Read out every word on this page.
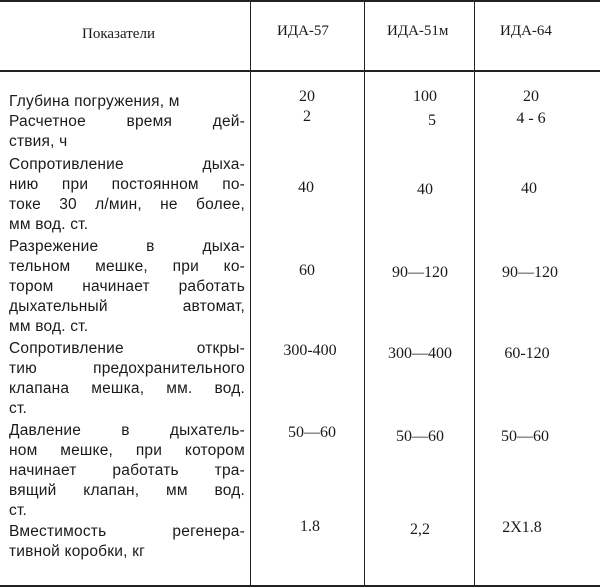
Показатели	ИДА-57	ИДА-51м	ИДА-64
Глубина погружения, м	20	100	20
Расчетное время дей-
ствия, ч
2	5	4 - 6
Сопротивление дыха-
нию при постоянном по-
токе 30 л/мин, не более,
мм вод. ст.
40	40	40
Разрежение в дыха-
тельном мешке, при ко-
тором начинает работать
дыхательный автомат,
мм вод. ст.
60	90—120	90—120
Сопротивление откры-
тию предохранительного
клапана мешка, мм. вод.
ст.
300-400	300—400	60-120
Давление в дыхатель-
ном мешке, при котором
начинает работать тра-
вящий клапан, мм вод.
ст.
50—60	50—60	50—60
Вместимость регенера-
тивной коробки, кг
1.8	2,2	2X1.8
